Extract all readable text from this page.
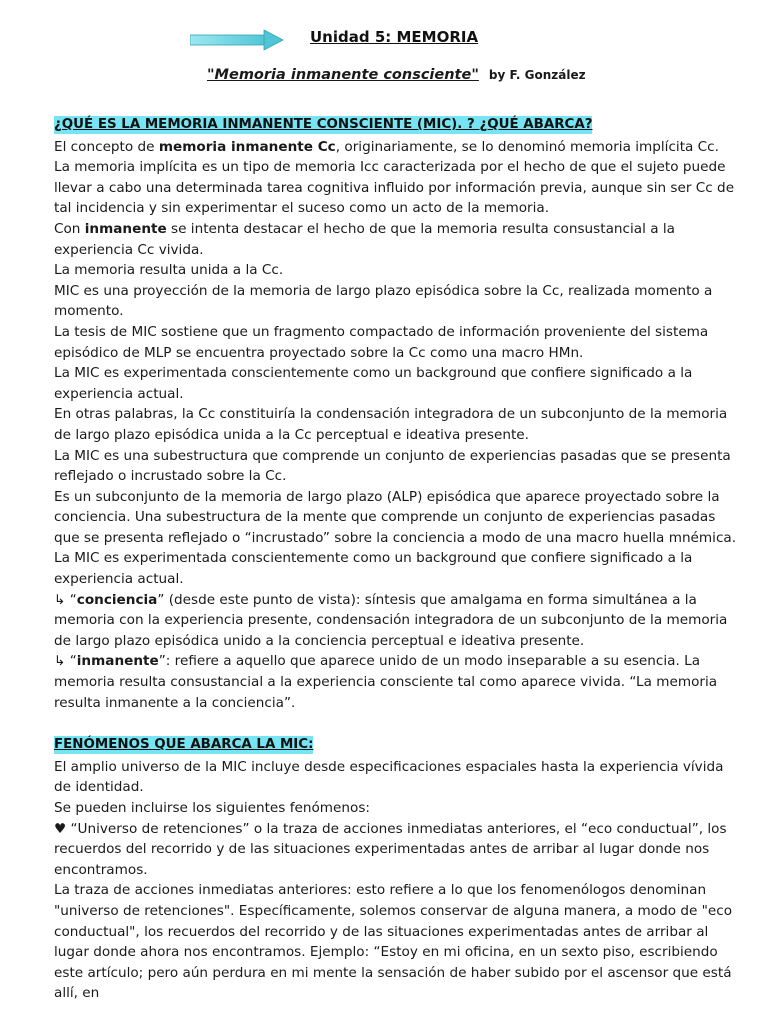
Unidad 5: MEMORIA
"Memoria inmanente consciente" by F. González
¿QUÉ ES LA MEMORIA INMANENTE CONSCIENTE (MIC). ? ¿QUÉ ABARCA?

El concepto de memoria inmanente Cc, originariamente, se lo denominó memoria implícita Cc.

La memoria implícita es un tipo de memoria Icc caracterizada por el hecho de que el sujeto puede llevar a cabo una determinada tarea cognitiva influido por información previa, aunque sin ser Cc de tal incidencia y sin experimentar el suceso como un acto de la memoria.

Con inmanente se intenta destacar el hecho de que la memoria resulta consustancial a la experiencia Cc vivida.

La memoria resulta unida a la Cc.

MIC es una proyección de la memoria de largo plazo episódica sobre la Cc, realizada momento a momento.

La tesis de MIC sostiene que un fragmento compactado de información proveniente del sistema episódico de MLP se encuentra proyectado sobre la Cc como una macro HMn.

La MIC es experimentada conscientemente como un background que confiere significado a la experiencia actual.

En otras palabras, la Cc constituiría la condensación integradora de un subconjunto de la memoria de largo plazo episódica unida a la Cc perceptual e ideativa presente.

La MIC es una subestructura que comprende un conjunto de experiencias pasadas que se presenta reflejado o incrustado sobre la Cc.

Es un subconjunto de la memoria de largo plazo (ALP) episódica que aparece proyectado sobre la conciencia. Una subestructura de la mente que comprende un conjunto de experiencias pasadas que se presenta reflejado o “incrustado” sobre la conciencia a modo de una macro huella mnémica.

La MIC es experimentada conscientemente como un background que confiere significado a la experiencia actual.

↳ “conciencia” (desde este punto de vista): síntesis que amalgama en forma simultánea a la memoria con la experiencia presente, condensación integradora de un subconjunto de la memoria de largo plazo episódica unido a la conciencia perceptual e ideativa presente.

↳ “inmanente”: refiere a aquello que aparece unido de un modo inseparable a su esencia. La memoria resulta consustancial a la experiencia consciente tal como aparece vivida. “La memoria resulta inmanente a la conciencia”.

FENÓMENOS QUE ABARCA LA MIC:

El amplio universo de la MIC incluye desde especificaciones espaciales hasta la experiencia vívida de identidad.

Se pueden incluirse los siguientes fenómenos:

♥ “Universo de retenciones” o la traza de acciones inmediatas anteriores, el “eco conductual”, los recuerdos del recorrido y de las situaciones experimentadas antes de arribar al lugar donde nos encontramos.

La traza de acciones inmediatas anteriores: esto refiere a lo que los fenomenólogos denominan "universo de retenciones". Específicamente, solemos conservar de alguna manera, a modo de "eco conductual", los recuerdos del recorrido y de las situaciones experimentadas antes de arribar al lugar donde ahora nos encontramos. Ejemplo: “Estoy en mi oficina, en un sexto piso, escribiendo este artículo; pero aún perdura en mi mente la sensación de haber subido por el ascensor que está allí, en
